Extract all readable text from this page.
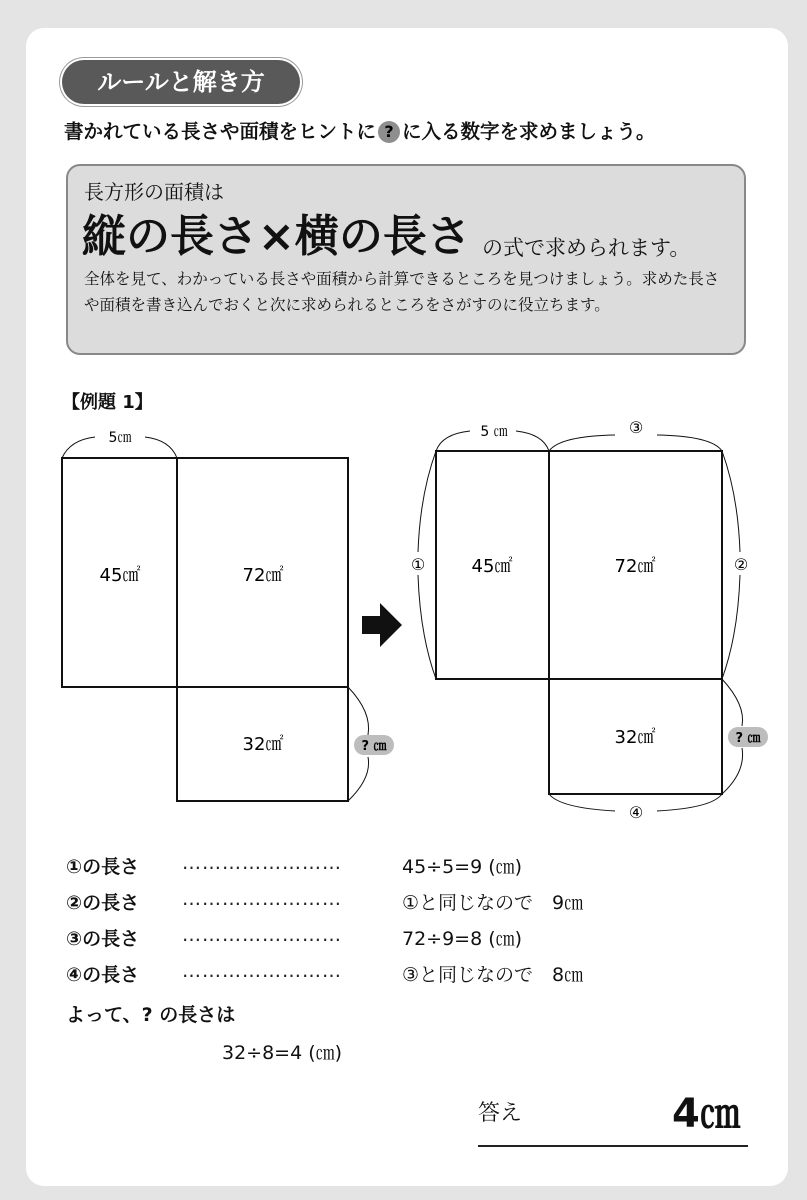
ルールと解き方
書かれている長さや面積をヒントに ? に入る数字を求めましょう。
長方形の面積は
縦の長さ×横の長さ の式で求められます。
全体を見て、わかっている長さや面積から計算できるところを見つけましょう。求めた長さや面積を書き込んでおくと次に求められるところをさがすのに役立ちます。
【例題 1】
5㎝
45㎠	72㎠
32㎠	? ㎝
5 ㎝	③
①	②
④
45㎠	72㎠
32㎠	? ㎝
①の長さ ……………………	45÷5=9 (㎝)
②の長さ ……………………	①と同じなので　9㎝
③の長さ ……………………	72÷9=8 (㎝)
④の長さ ……………………	③と同じなので　8㎝
よって、? の長さは
32÷8=4 (㎝)
答え	4㎝
